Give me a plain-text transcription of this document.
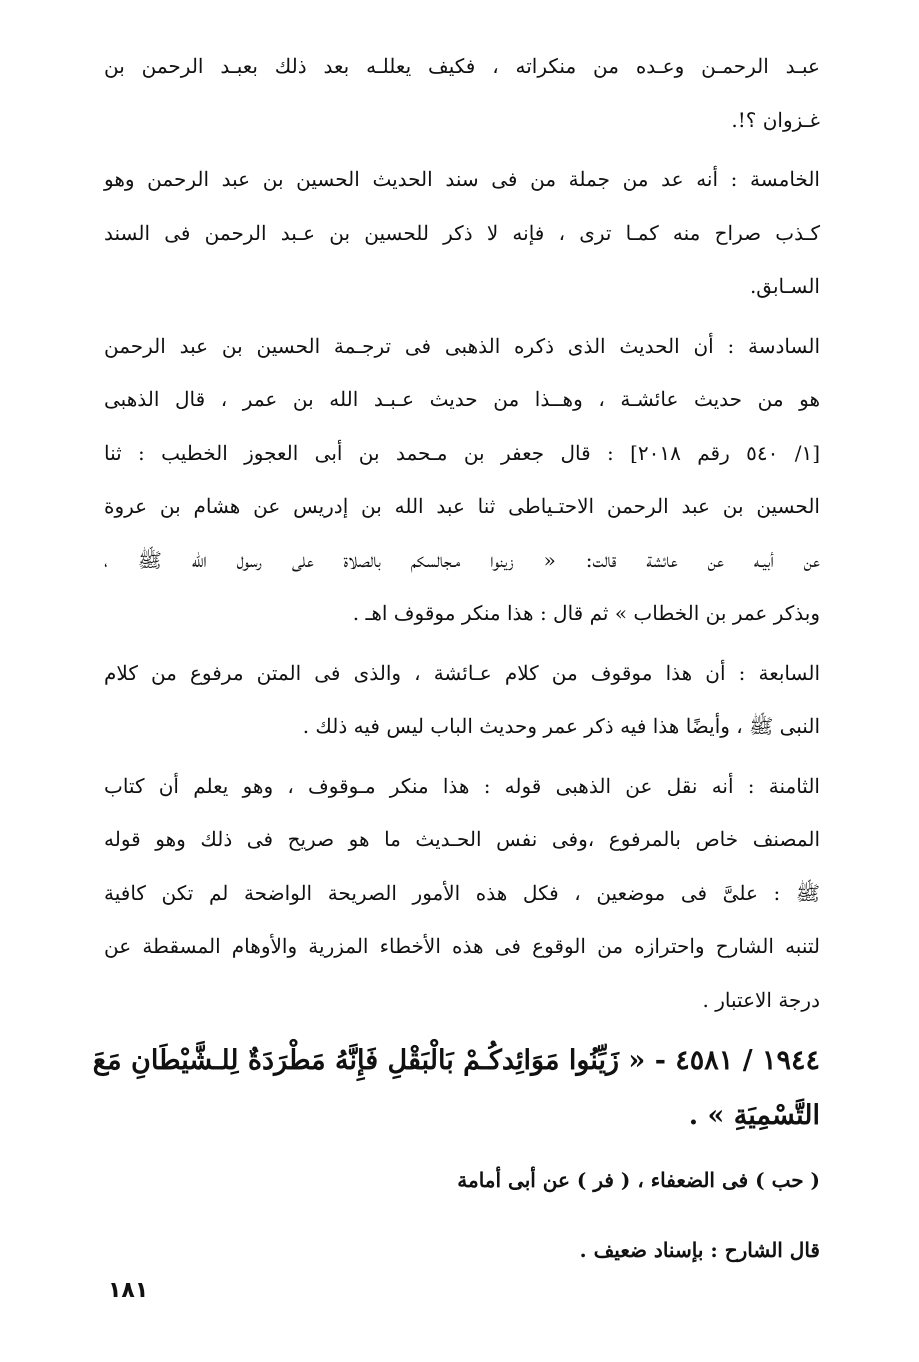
عبـد الرحمـن وعـده من منكراته ، فكيف يعللـه بعد ذلك بعبـد الرحمن بن
غـزوان ؟!.

الخامسة : أنه عد من جملة من فى سند الحديث الحسين بن عبد الرحمن وهو
كـذب صراح منه كمـا ترى ، فإنه لا ذكر للحسين بن عـبد الرحمن فى السند
السـابق.

السادسة : أن الحديث الذى ذكره الذهبى فى ترجـمة الحسين بن عبد الرحمن
هو من حديث عائشـة ، وهــذا من حديث عـبـد الله بن عمر ، قال الذهبى
[١/ ٥٤٠ رقم ٢٠١٨] : قال جعفر بن مـحمد بن أبى العجوز الخطيب : ثنا
الحسين بن عبد الرحمن الاحتـياطى ثنا عبد الله بن إدريس عن هشام بن عروة
عن أبيـه عن عائشة قالت: « زينوا مـجالسكم بالصلاة على رسول الله ﷺ ،
وبذكر عمر بن الخطاب » ثم قال : هذا منكر موقوف اهـ .

السابعة : أن هذا موقوف من كلام عـائشة ، والذى فى المتن مرفوع من كلام
النبى ﷺ ، وأيضًا هذا فيه ذكر عمر وحديث الباب ليس فيه ذلك .

الثامنة : أنه نقل عن الذهبى قوله : هذا منكر مـوقوف ، وهو يعلم أن كتاب
المصنف خاص بالمرفوع ،وفى نفس الحـديث ما هو صريح فى ذلك وهو قوله
ﷺ : علىَّ فى موضعين ، فكل هذه الأمور الصريحة الواضحة لم تكن كافية
لتنبه الشارح واحترازه من الوقوع فى هذه الأخطاء المزرية والأوهام المسقطة عن
درجة الاعتبار .

١٩٤٤ / ٤٥٨١ - « زَيِّنُوا مَوَائِدكُـمْ بَالْبَقْلِ فَإِنَّهُ مَطْرَدَةٌ لِلـشَّيْطَانِ مَعَ
التَّسْمِيَةِ » .

( حب ) فى الضعفاء ، ( فر ) عن أبى أمامة

قال الشارح : بإسناد ضعيف .

١٨١
